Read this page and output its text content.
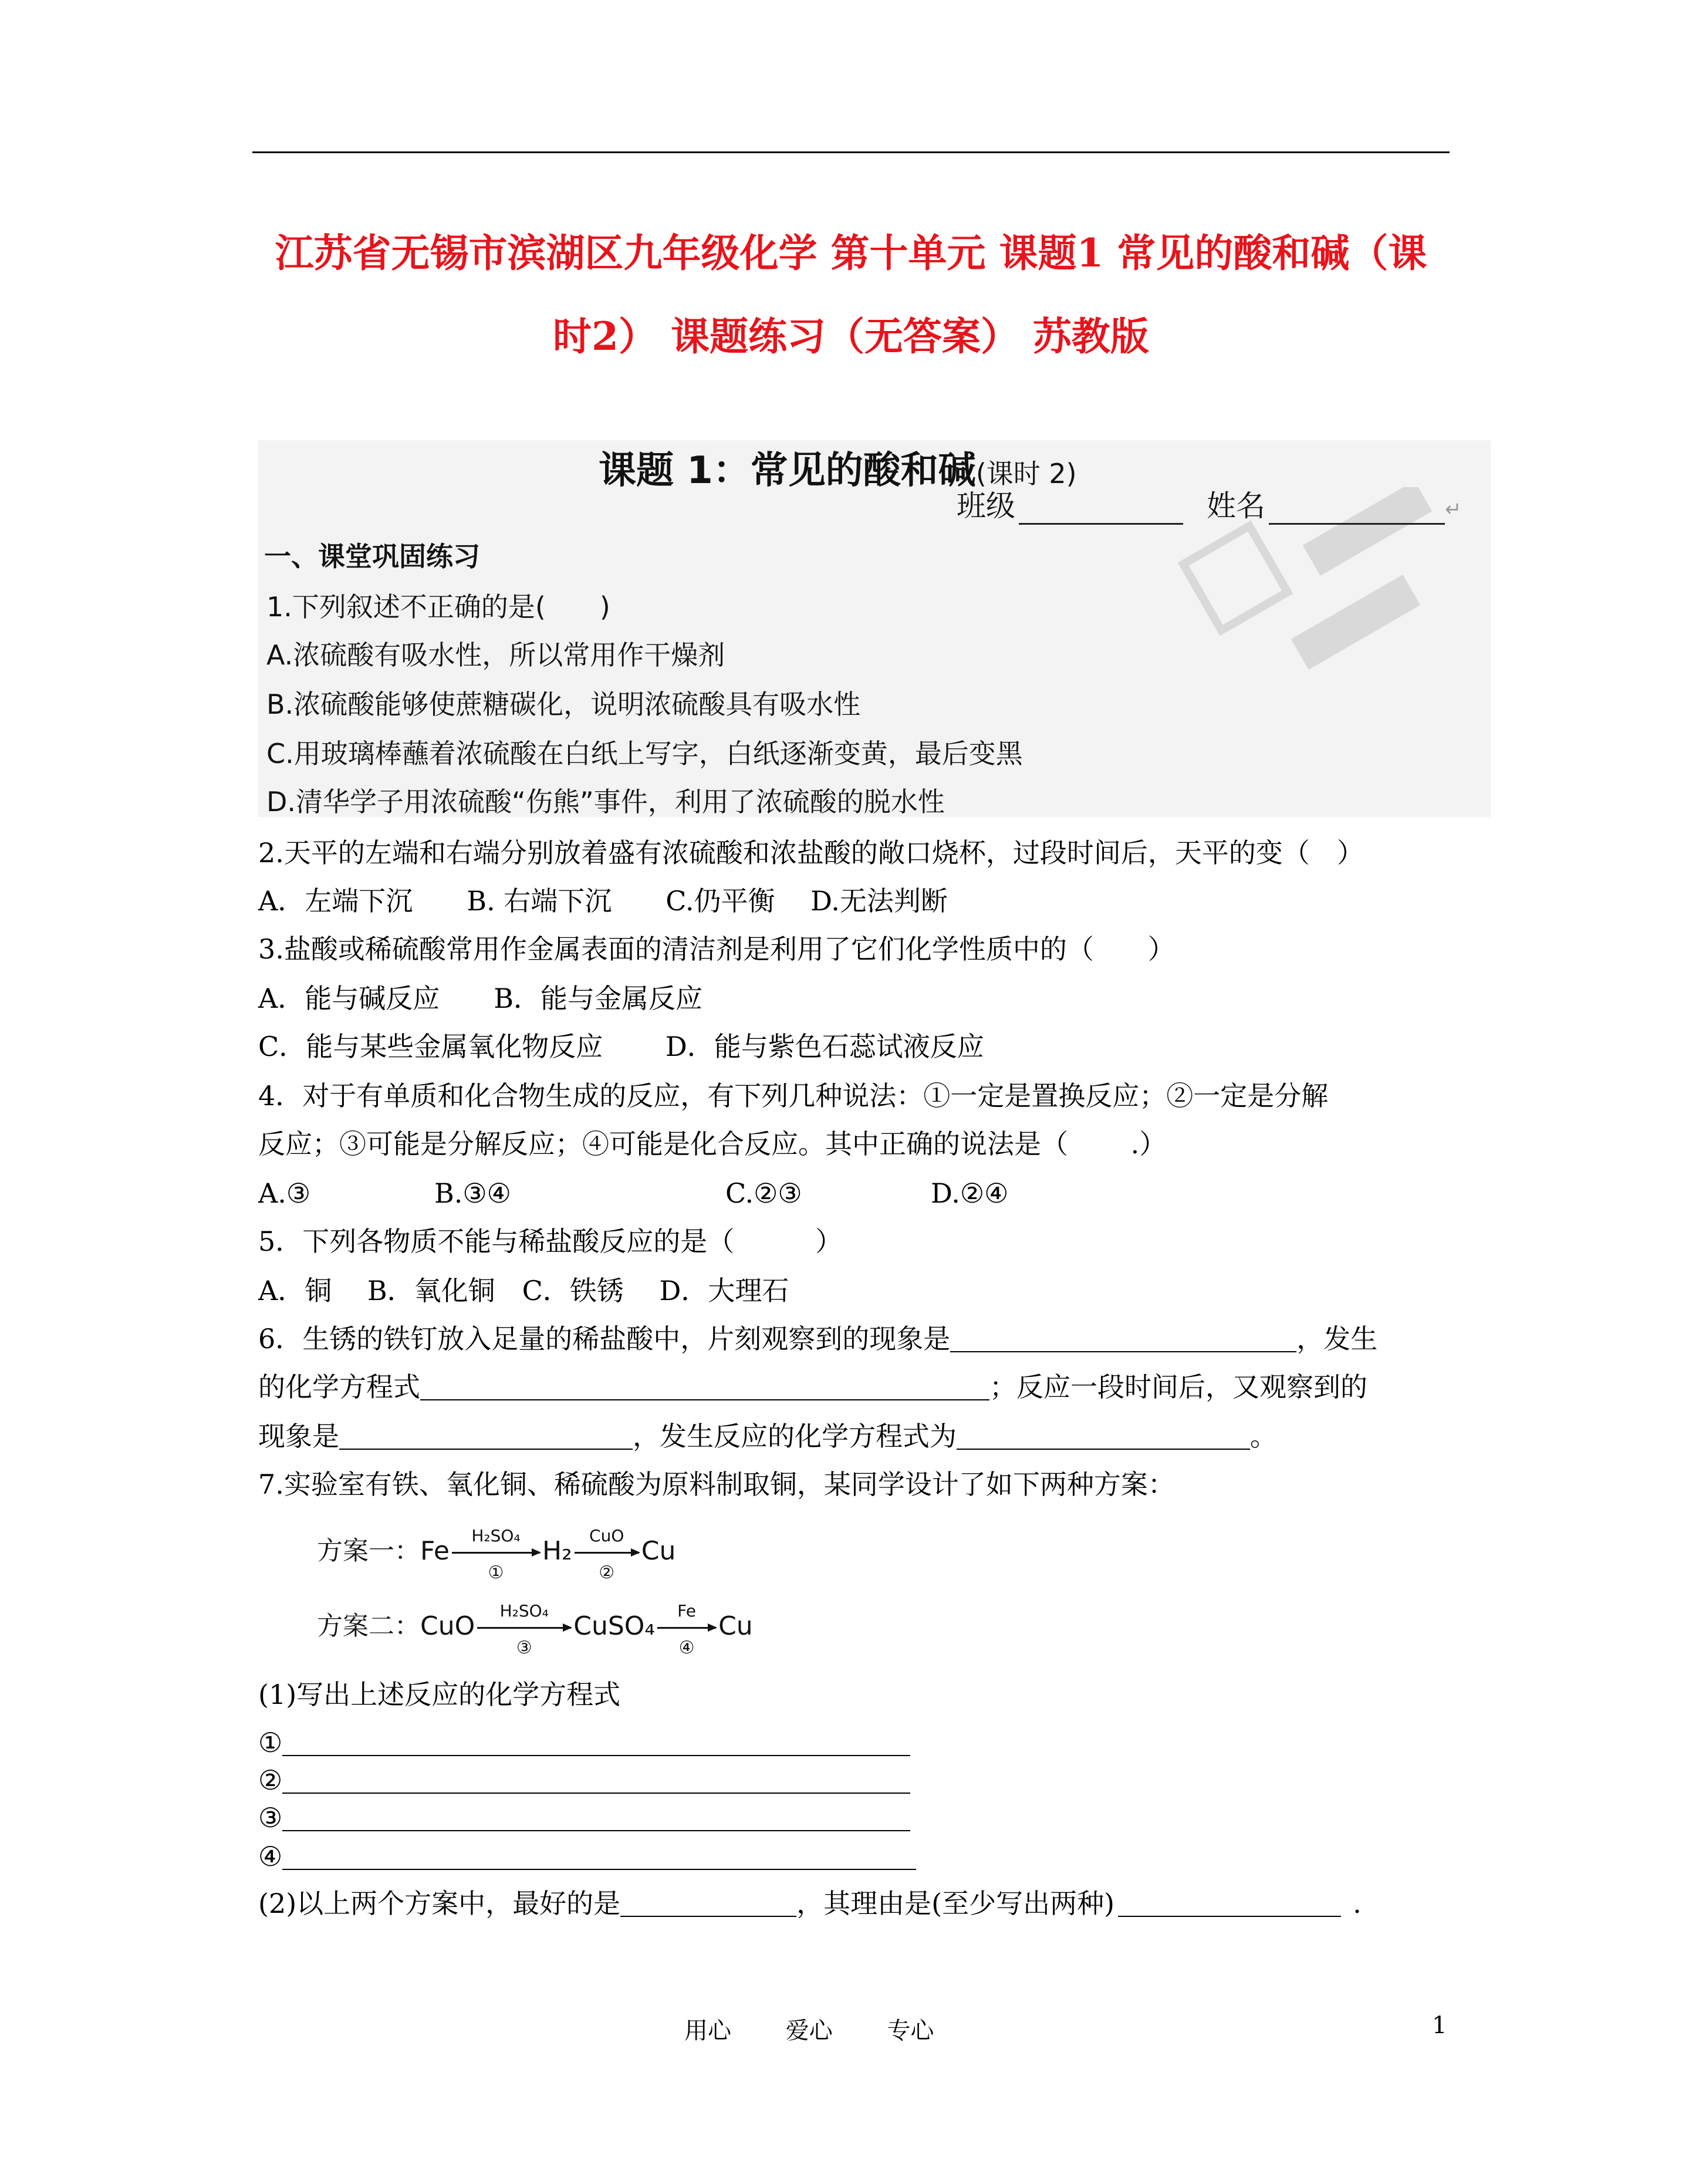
江苏省无锡市滨湖区九年级化学 第十单元 课题1 常见的酸和碱（课
时2） 课题练习（无答案） 苏教版
课题 1：常见的酸和碱(课时 2)
班级	姓名	↵
一、课堂巩固练习
1.下列叙述不正确的是(　　)
A.浓硫酸有吸水性，所以常用作干燥剂
B.浓硫酸能够使蔗糖碳化，说明浓硫酸具有吸水性
C.用玻璃棒蘸着浓硫酸在白纸上写字，白纸逐渐变黄，最后变黑
D.清华学子用浓硫酸“伤熊”事件，利用了浓硫酸的脱水性
2.天平的左端和右端分别放着盛有浓硫酸和浓盐酸的敞口烧杯，过段时间后，天平的变（　）
A．左端下沉　　B. 右端下沉　　C.仍平衡　 D.无法判断
3.盐酸或稀硫酸常用作金属表面的清洁剂是利用了它们化学性质中的（　　）
A．能与碱反应　　B．能与金属反应
C．能与某些金属氧化物反应　　 D．能与紫色石蕊试液反应
4．对于有单质和化合物生成的反应，有下列几种说法：①一定是置换反应；②一定是分解
反应；③可能是分解反应；④可能是化合反应。其中正确的说法是（　　 .）
A.③	B.③④	C.②③	D.②④
5．下列各物质不能与稀盐酸反应的是（　　　）
A．铜　 B．氧化铜　C．铁锈　 D．大理石
6．生锈的铁钉放入足量的稀盐酸中，片刻观察到的现象是	，发生
的化学方程式	；反应一段时间后，又观察到的
现象是	，发生反应的化学方程式为	。
7.实验室有铁、氧化铜、稀硫酸为原料制取铜，某同学设计了如下两种方案：
方案一：Fe
H₂SO₄
①
H₂
CuO
②
Cu
方案二：CuO
H₂SO₄
③
CuSO₄
Fe
④
Cu
(1)写出上述反应的化学方程式
①
②
③
④
(2)以上两个方案中，最好的是	，其理由是(至少写出两种)	.
用心　　 爱心　　 专心	1
